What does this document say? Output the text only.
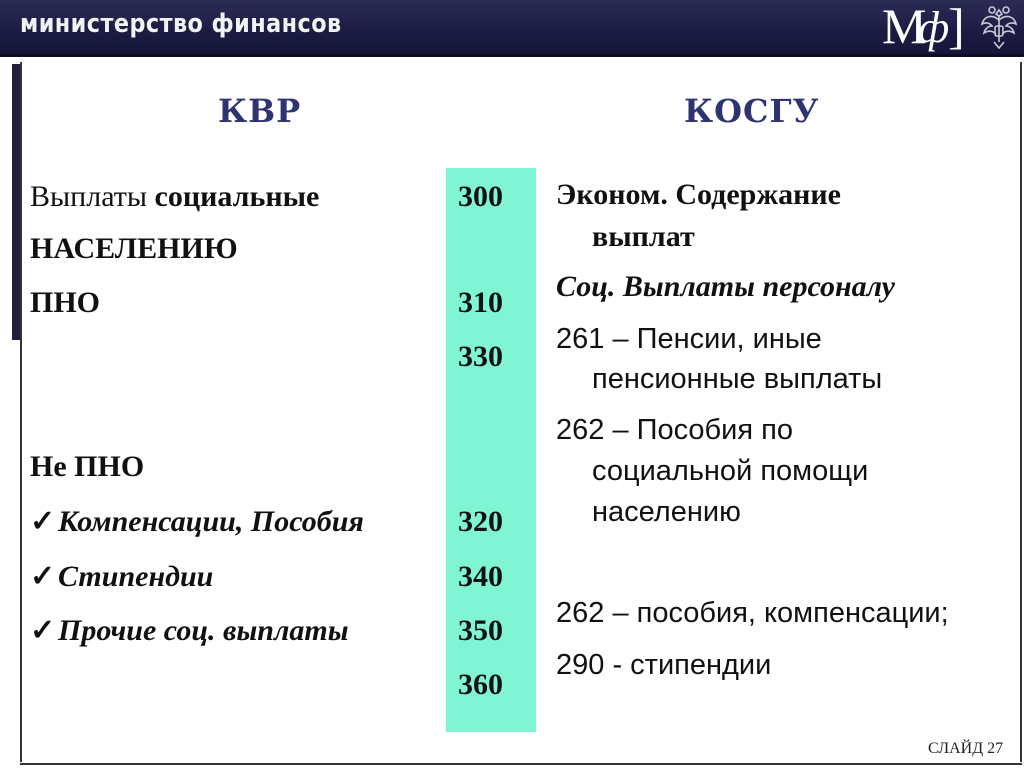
министерство финансов	М
ф
]
КВР	КОСГУ
Выплаты социальные
НАСЕЛЕНИЮ
ПНО
Не ПНО
✓Компенсации, Пособия
✓Стипендии
✓Прочие соц. выплаты
300
310
330
320
340
350
360
Эконом. Содержание
выплат
Соц. Выплаты персоналу
261 – Пенсии, иные
пенсионные выплаты
262 – Пособия по
социальной помощи
населению
262 – пособия, компенсации;
290 - стипендии
СЛАЙД 27
